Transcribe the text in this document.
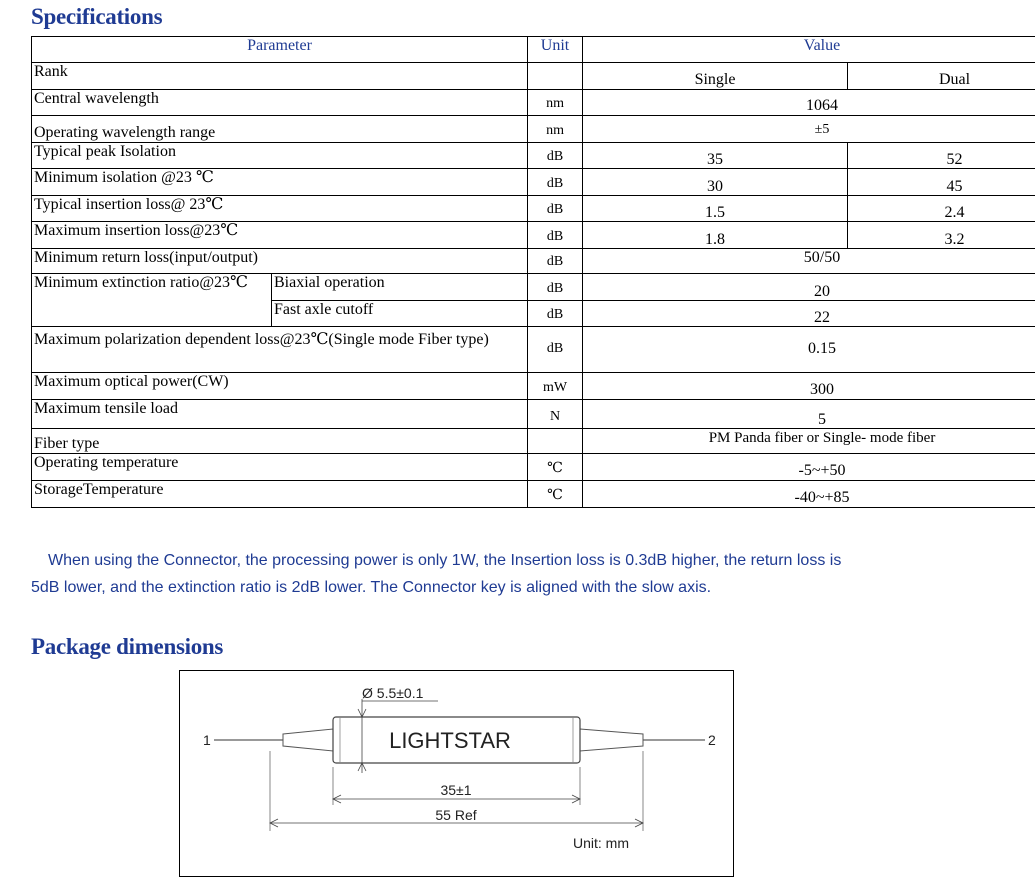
Specifications
Parameter		Unit	Value	
Rank			Single	Dual
Central wavelength		nm	1064	
Operating wavelength range		nm	±5	
Typical peak Isolation		dB	35	52
Minimum isolation @23 ℃		dB	30	45
Typical insertion loss@ 23℃		dB	1.5	2.4
Maximum insertion loss@23℃		dB	1.8	3.2
Minimum return loss(input/output)		dB	50/50	
Minimum extinction ratio@23℃	Biaxial operation	dB	20	
	Fast axle cutoff	dB	22	
Maximum polarization dependent loss@23℃(Single mode Fiber type)		dB	0.15	
Maximum optical power(CW)		mW	300	
Maximum tensile load		N	5	
Fiber type			PM Panda fiber or Single- mode fiber	
Operating temperature		℃	-5~+50	
StorageTemperature		℃	-40~+85	

When using the Connector, the processing power is only 1W, the Insertion loss is 0.3dB higher, the return loss is 5dB lower, and the extinction ratio is 2dB lower. The Connector key is aligned with the slow axis.

Package dimensions
Ø 5.5±0.1
LIGHTSTAR
1	2
35±1
55 Ref
Unit: mm
